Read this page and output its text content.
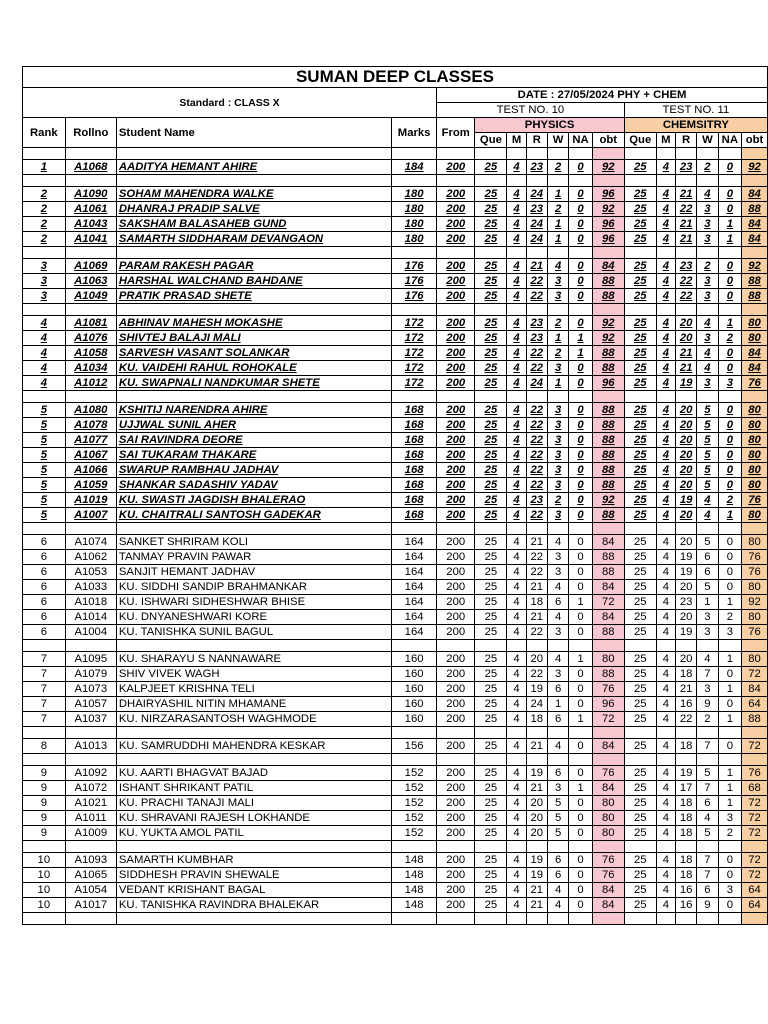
SUMAN DEEP CLASSES																
Standard : CLASS X				DATE : 27/05/2024 PHY + CHEM												
				TEST NO. 10							TEST NO. 11					
Rank	Rollno	Student Name	Marks	From	PHYSICS						CHEMSITRY					
					Que	M	R	W	NA	obt	Que	M	R	W	NA	obt

1	A1068	AADITYA HEMANT AHIRE	184	200	25	4	23	2	0	92	25	4	23	2	0	92

2	A1090	SOHAM MAHENDRA WALKE	180	200	25	4	24	1	0	96	25	4	21	4	0	84
2	A1061	DHANRAJ PRADIP SALVE	180	200	25	4	23	2	0	92	25	4	22	3	0	88
2	A1043	SAKSHAM BALASAHEB GUND	180	200	25	4	24	1	0	96	25	4	21	3	1	84
2	A1041	SAMARTH SIDDHARAM DEVANGAON	180	200	25	4	24	1	0	96	25	4	21	3	1	84

3	A1069	PARAM RAKESH PAGAR	176	200	25	4	21	4	0	84	25	4	23	2	0	92
3	A1063	HARSHAL WALCHAND BAHDANE	176	200	25	4	22	3	0	88	25	4	22	3	0	88
3	A1049	PRATIK PRASAD SHETE	176	200	25	4	22	3	0	88	25	4	22	3	0	88

4	A1081	ABHINAV MAHESH MOKASHE	172	200	25	4	23	2	0	92	25	4	20	4	1	80
4	A1076	SHIVTEJ BALAJI MALI	172	200	25	4	23	1	1	92	25	4	20	3	2	80
4	A1058	SARVESH VASANT SOLANKAR	172	200	25	4	22	2	1	88	25	4	21	4	0	84
4	A1034	KU. VAIDEHI RAHUL ROHOKALE	172	200	25	4	22	3	0	88	25	4	21	4	0	84
4	A1012	KU. SWAPNALI NANDKUMAR SHETE	172	200	25	4	24	1	0	96	25	4	19	3	3	76

5	A1080	KSHITIJ NARENDRA AHIRE	168	200	25	4	22	3	0	88	25	4	20	5	0	80
5	A1078	UJJWAL SUNIL AHER	168	200	25	4	22	3	0	88	25	4	20	5	0	80
5	A1077	SAI RAVINDRA DEORE	168	200	25	4	22	3	0	88	25	4	20	5	0	80
5	A1067	SAI TUKARAM THAKARE	168	200	25	4	22	3	0	88	25	4	20	5	0	80
5	A1066	SWARUP RAMBHAU JADHAV	168	200	25	4	22	3	0	88	25	4	20	5	0	80
5	A1059	SHANKAR SADASHIV YADAV	168	200	25	4	22	3	0	88	25	4	20	5	0	80
5	A1019	KU. SWASTI JAGDISH BHALERAO	168	200	25	4	23	2	0	92	25	4	19	4	2	76
5	A1007	KU. CHAITRALI SANTOSH GADEKAR	168	200	25	4	22	3	0	88	25	4	20	4	1	80

6	A1074	SANKET SHRIRAM KOLI	164	200	25	4	21	4	0	84	25	4	20	5	0	80
6	A1062	TANMAY PRAVIN PAWAR	164	200	25	4	22	3	0	88	25	4	19	6	0	76
6	A1053	SANJIT HEMANT JADHAV	164	200	25	4	22	3	0	88	25	4	19	6	0	76
6	A1033	KU. SIDDHI SANDIP BRAHMANKAR	164	200	25	4	21	4	0	84	25	4	20	5	0	80
6	A1018	KU. ISHWARI SIDHESHWAR BHISE	164	200	25	4	18	6	1	72	25	4	23	1	1	92
6	A1014	KU. DNYANESHWARI KORE	164	200	25	4	21	4	0	84	25	4	20	3	2	80
6	A1004	KU. TANISHKA SUNIL BAGUL	164	200	25	4	22	3	0	88	25	4	19	3	3	76

7	A1095	KU. SHARAYU S NANNAWARE	160	200	25	4	20	4	1	80	25	4	20	4	1	80
7	A1079	SHIV VIVEK WAGH	160	200	25	4	22	3	0	88	25	4	18	7	0	72
7	A1073	KALPJEET KRISHNA TELI	160	200	25	4	19	6	0	76	25	4	21	3	1	84
7	A1057	DHAIRYASHIL NITIN MHAMANE	160	200	25	4	24	1	0	96	25	4	16	9	0	64
7	A1037	KU. NIRZARASANTOSH WAGHMODE	160	200	25	4	18	6	1	72	25	4	22	2	1	88

8	A1013	KU. SAMRUDDHI MAHENDRA KESKAR	156	200	25	4	21	4	0	84	25	4	18	7	0	72

9	A1092	KU. AARTI BHAGVAT BAJAD	152	200	25	4	19	6	0	76	25	4	19	5	1	76
9	A1072	ISHANT SHRIKANT PATIL	152	200	25	4	21	3	1	84	25	4	17	7	1	68
9	A1021	KU. PRACHI TANAJI MALI	152	200	25	4	20	5	0	80	25	4	18	6	1	72
9	A1011	KU. SHRAVANI RAJESH LOKHANDE	152	200	25	4	20	5	0	80	25	4	18	4	3	72
9	A1009	KU. YUKTA AMOL PATIL	152	200	25	4	20	5	0	80	25	4	18	5	2	72

10	A1093	SAMARTH KUMBHAR	148	200	25	4	19	6	0	76	25	4	18	7	0	72
10	A1065	SIDDHESH PRAVIN SHEWALE	148	200	25	4	19	6	0	76	25	4	18	7	0	72
10	A1054	VEDANT KRISHANT BAGAL	148	200	25	4	21	4	0	84	25	4	16	6	3	64
10	A1017	KU. TANISHKA RAVINDRA BHALEKAR	148	200	25	4	21	4	0	84	25	4	16	9	0	64
